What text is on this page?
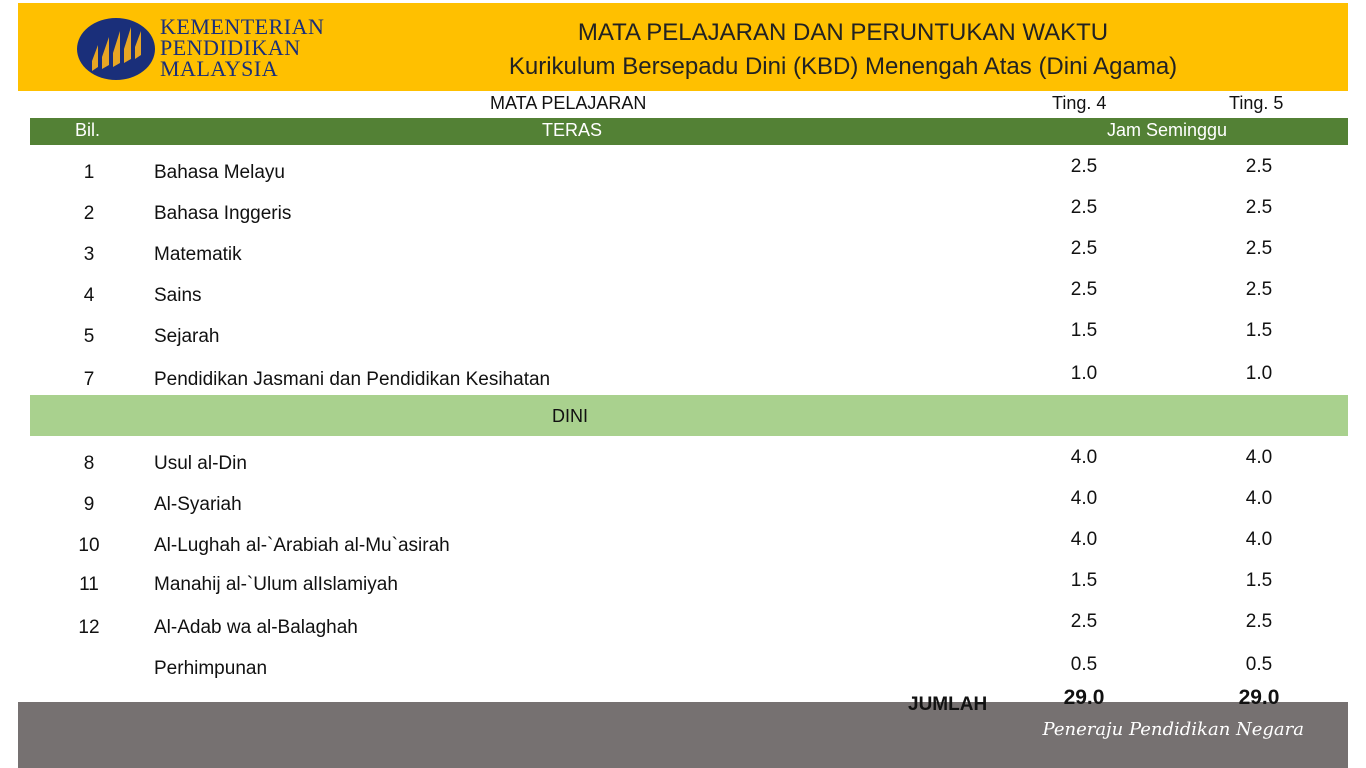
KEMENTERIAN
PENDIDIKAN
MALAYSIA
MATA PELAJARAN DAN PERUNTUKAN WAKTU
Kurikulum Bersepadu Dini (KBD) Menengah Atas (Dini Agama)
MATA PELAJARAN	Ting. 4	Ting. 5
Bil.	TERAS	Jam Seminggu
1	Bahasa Melayu	2.5	2.5
2	Bahasa Inggeris	2.5	2.5
3	Matematik	2.5	2.5
4	Sains	2.5	2.5
5	Sejarah	1.5	1.5
7	Pendidikan Jasmani dan Pendidikan Kesihatan	1.0	1.0
DINI
8	Usul al-Din	4.0	4.0
9	Al-Syariah	4.0	4.0
10	Al-Lughah al-`Arabiah al-Mu`asirah	4.0	4.0
11	Manahij al-`Ulum alIslamiyah	1.5	1.5
12	Al-Adab wa al-Balaghah	2.5	2.5
Perhimpunan	0.5	0.5
Peneraju Pendidikan Negara
JUMLAH	29.0	29.0
